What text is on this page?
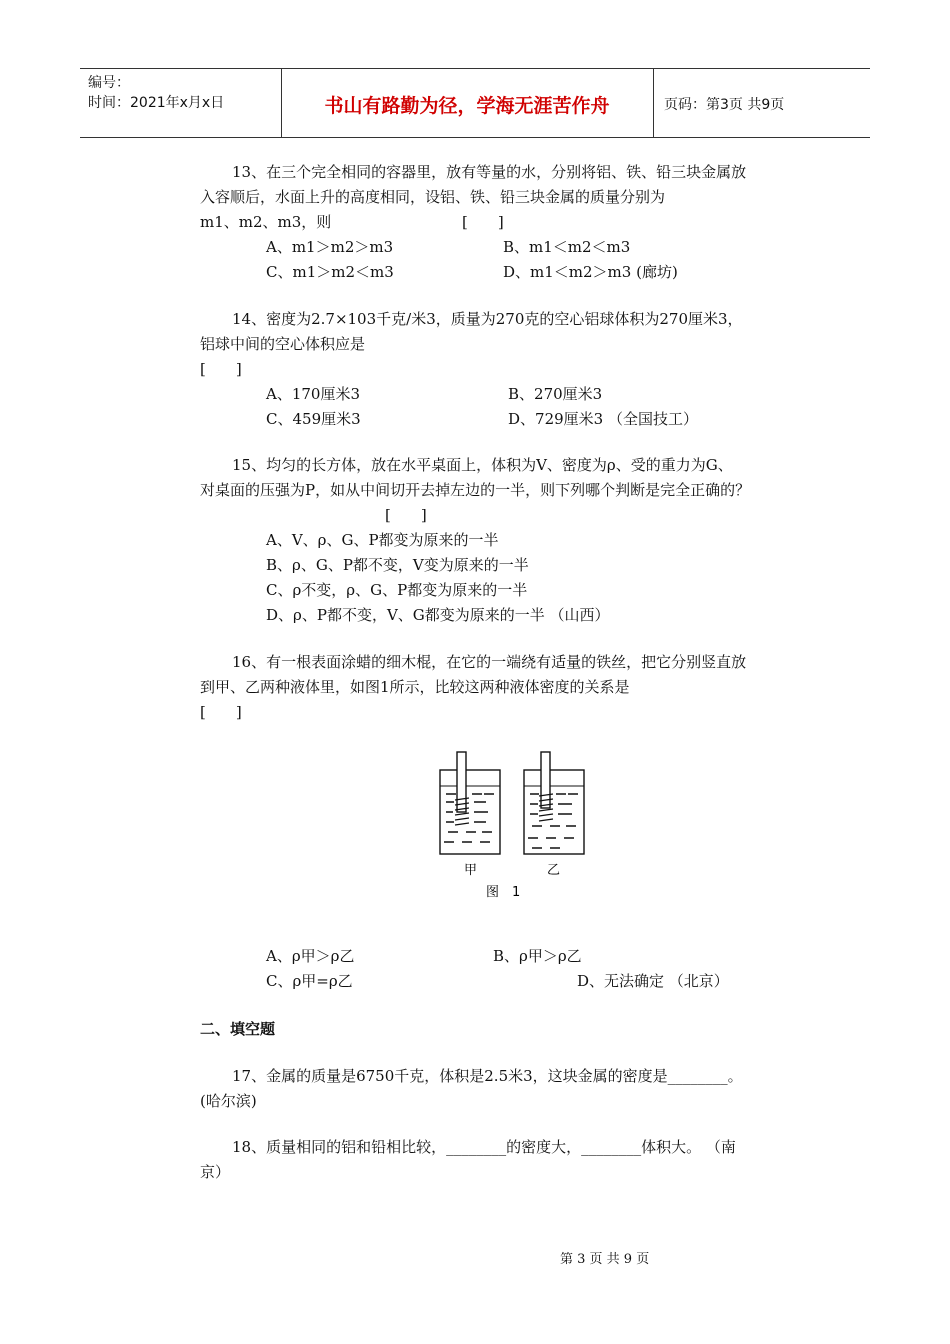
编号：
时间：2021年x月x日	书山有路勤为径，学海无涯苦作舟	页码：第3页 共9页
13、在三个完全相同的容器里，放有等量的水，分别将铝、铁、铅三块金属放
入容顺后，水面上升的高度相同，设铝、铁、铅三块金属的质量分别为
m1、m2、m3，则	[　　]
A、m1＞m2＞m3	B、m1＜m2＜m3
C、m1＞m2＜m3	D、m1＜m2＞m3 (廊坊)
14、密度为2.7×103千克/米3，质量为270克的空心铝球体积为270厘米3，
铝球中间的空心体积应是
[　　]
A、170厘米3	B、270厘米3
C、459厘米3	D、729厘米3 （全国技工）
15、均匀的长方体，放在水平桌面上，体积为V、密度为ρ、受的重力为G、
对桌面的压强为P，如从中间切开去掉左边的一半，则下列哪个判断是完全正确的？
[　　]
A、V、ρ、G、P都变为原来的一半
B、ρ、G、P都不变，V变为原来的一半
C、ρ不变，ρ、G、P都变为原来的一半
D、ρ、P都不变，V、G都变为原来的一半 （山西）
16、有一根表面涂蜡的细木棍，在它的一端绕有适量的铁丝，把它分别竖直放
到甲、乙两种液体里，如图1所示，比较这两种液体密度的关系是
[　　]
甲	乙
图　1
A、ρ甲＞ρ乙	B、ρ甲＞ρ乙
C、ρ甲=ρ乙	D、无法确定 （北京）
二、填空题
17、金属的质量是6750千克，体积是2.5米3，这块金属的密度是________。
(哈尔滨)
18、质量相同的铝和铅相比较，________的密度大，________体积大。 （南
京）
第 3 页 共 9 页
